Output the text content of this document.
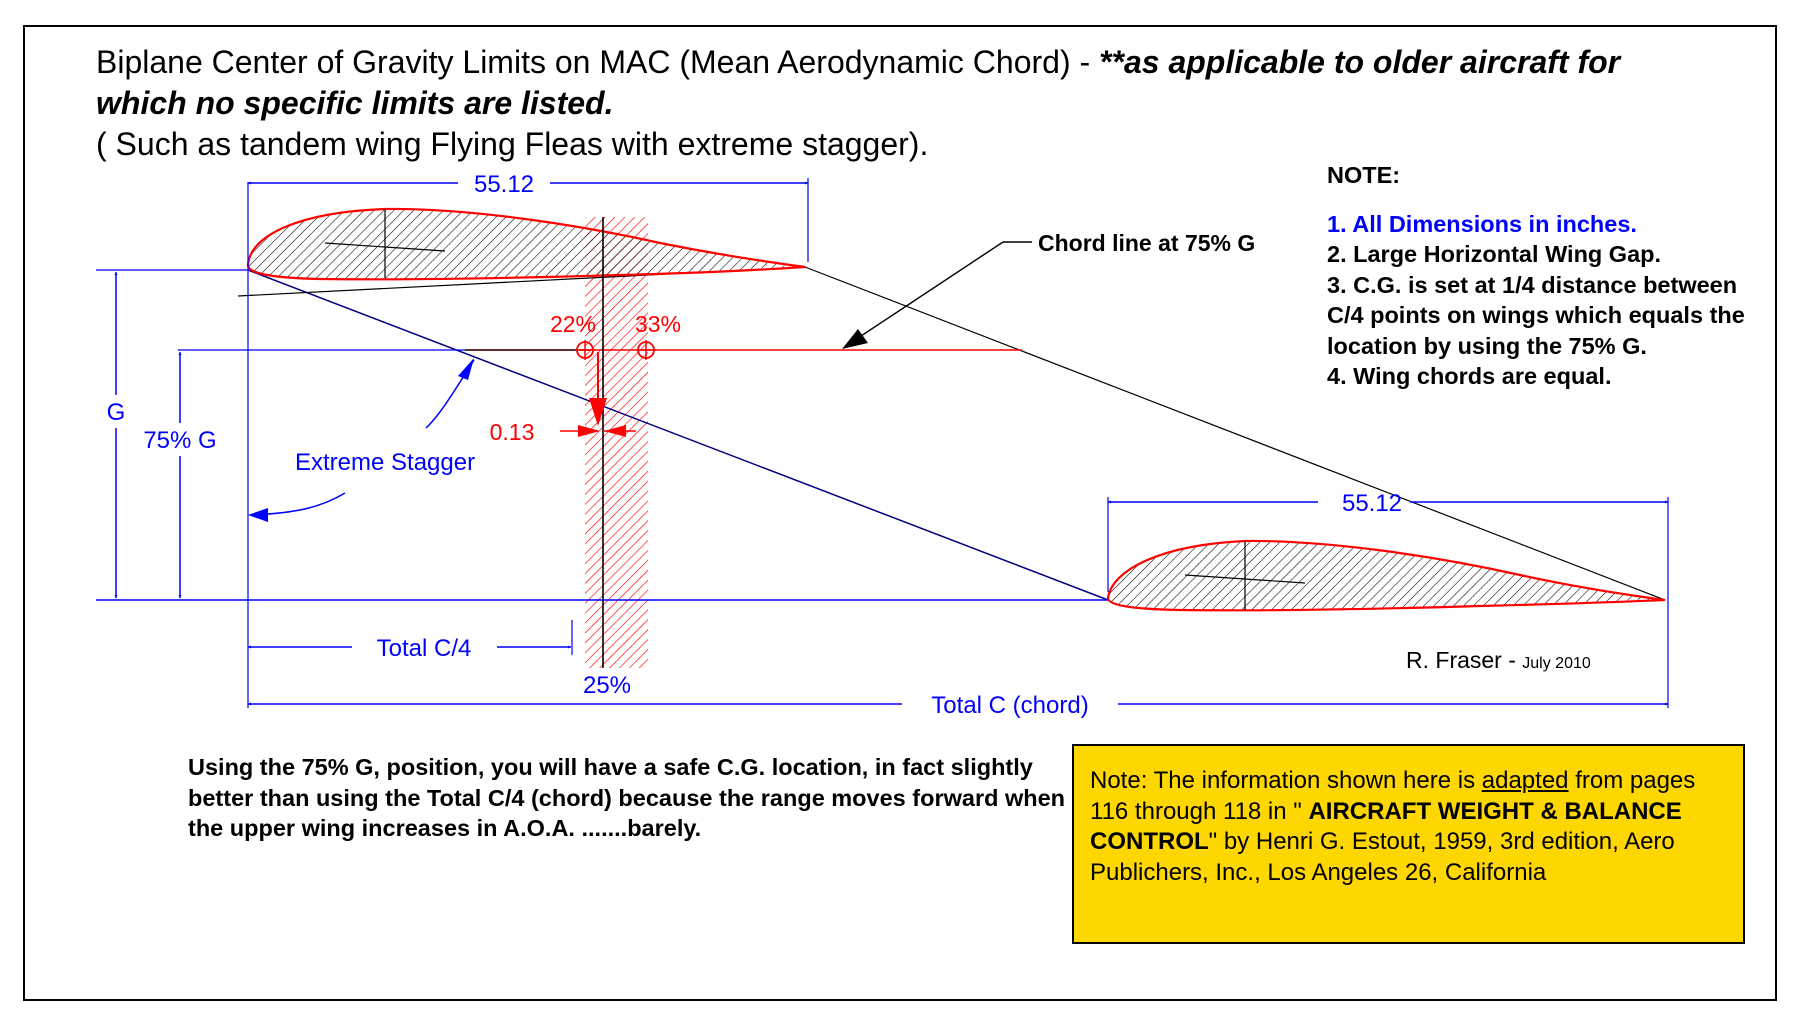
Biplane Center of Gravity Limits on MAC (Mean Aerodynamic Chord) - **as applicable to older aircraft for which no specific limits are listed.
( Such as tandem wing Flying Fleas with extreme stagger).
55.12
55.12
G
75% G
Total C/4
Total C (chord)
25%
Extreme Stagger
22% 33%
0.13
Chord line at 75% G
R. Fraser - July 2010
NOTE:
1. All Dimensions in inches.
2. Large Horizontal Wing Gap.
3. C.G. is set at 1/4 distance between C/4 points on wings which equals the location by using the 75% G.
4. Wing chords are equal.
Using the 75% G, position, you will have a safe C.G. location, in fact slightly better than using the Total C/4 (chord) because the range moves forward when the upper wing increases in A.O.A. .......barely.
Note: The information shown here is adapted from pages 116 through 118 in " AIRCRAFT WEIGHT & BALANCE CONTROL" by Henri G. Estout, 1959, 3rd edition, Aero Publichers, Inc., Los Angeles 26, California
